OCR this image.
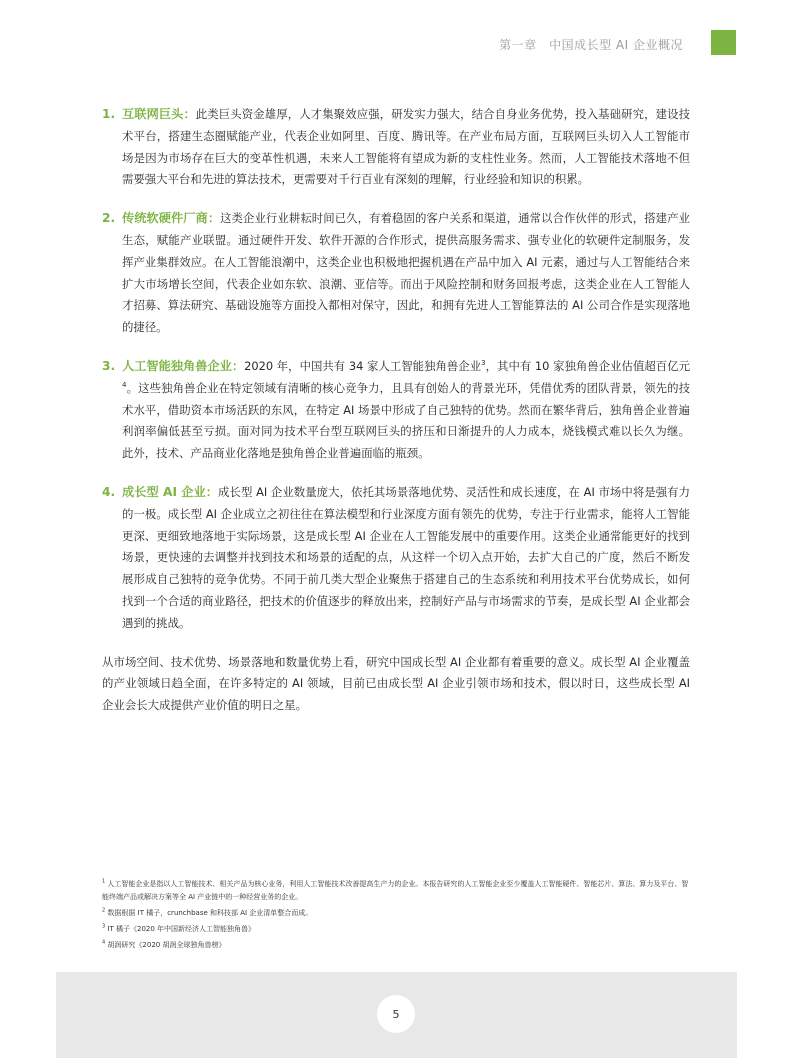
第一章　中国成长型 AI 企业概况
1. 互联网巨头：此类巨头资金雄厚，人才集聚效应强，研发实力强大，结合自身业务优势，投入基础研究，建设技术平台，搭建生态圈赋能产业，代表企业如阿里、百度、腾讯等。在产业布局方面，互联网巨头切入人工智能市场是因为市场存在巨大的变革性机遇，未来人工智能将有望成为新的支柱性业务。然而，人工智能技术落地不但需要强大平台和先进的算法技术，更需要对千行百业有深刻的理解，行业经验和知识的积累。
2. 传统软硬件厂商：这类企业行业耕耘时间已久，有着稳固的客户关系和渠道，通常以合作伙伴的形式，搭建产业生态，赋能产业联盟。通过硬件开发、软件开源的合作形式，提供高服务需求、强专业化的软硬件定制服务，发挥产业集群效应。在人工智能浪潮中，这类企业也积极地把握机遇在产品中加入 AI 元素，通过与人工智能结合来扩大市场增长空间，代表企业如东软、浪潮、亚信等。而出于风险控制和财务回报考虑，这类企业在人工智能人才招募、算法研究、基础设施等方面投入都相对保守，因此，和拥有先进人工智能算法的 AI 公司合作是实现落地的捷径。
3. 人工智能独角兽企业：2020 年，中国共有 34 家人工智能独角兽企业$^3$，其中有 10 家独角兽企业估值超百亿元$^4$。这些独角兽企业在特定领域有清晰的核心竞争力，且具有创始人的背景光环，凭借优秀的团队背景，领先的技术水平，借助资本市场活跃的东风，在特定 AI 场景中形成了自己独特的优势。然而在繁华背后，独角兽企业普遍利润率偏低甚至亏损。面对同为技术平台型互联网巨头的挤压和日渐提升的人力成本，烧钱模式难以长久为继。此外，技术、产品商业化落地是独角兽企业普遍面临的瓶颈。
4. 成长型 AI 企业：成长型 AI 企业数量庞大，依托其场景落地优势、灵活性和成长速度，在 AI 市场中将是强有力的一极。成长型 AI 企业成立之初往往在算法模型和行业深度方面有领先的优势，专注于行业需求，能将人工智能更深、更细致地落地于实际场景，这是成长型 AI 企业在人工智能发展中的重要作用。这类企业通常能更好的找到场景，更快速的去调整并找到技术和场景的适配的点，从这样一个切入点开始，去扩大自己的广度，然后不断发展形成自己独特的竞争优势。不同于前几类大型企业聚焦于搭建自己的生态系统和利用技术平台优势成长，如何找到一个合适的商业路径，把技术的价值逐步的释放出来，控制好产品与市场需求的节奏，是成长型 AI 企业都会遇到的挑战。
从市场空间、技术优势、场景落地和数量优势上看，研究中国成长型 AI 企业都有着重要的意义。成长型 AI 企业覆盖的产业领域日趋全面，在许多特定的 AI 领域，目前已由成长型 AI 企业引领市场和技术，假以时日，这些成长型 AI 企业会长大成提供产业价值的明日之星。
$^1$ 人工智能企业是指以人工智能技术、相关产品为核心业务，利用人工智能技术改善提高生产力的企业。本报告研究的人工智能企业至少覆盖人工智能硬件、智能芯片、算法、算力及平台、智能终端产品或解决方案等全 AI 产业链中的一种经营业务的企业。
$^2$ 数据根据 IT 橘子，crunchbase 和科技部 AI 企业清单整合而成。
$^3$ IT 橘子《2020 年中国新经济人工智能独角兽》
$^4$ 胡润研究《2020 胡润全球独角兽榜》
5
